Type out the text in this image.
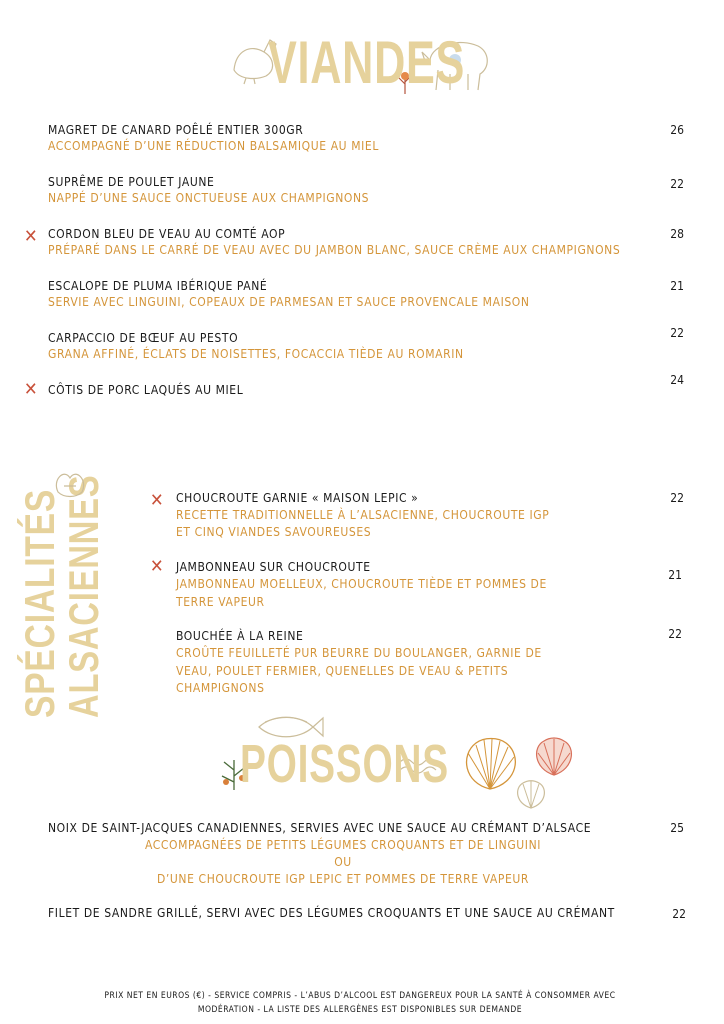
VIANDES
MAGRET DE CANARD POÊLÉ ENTIER 300GR
ACCOMPAGNÉ D’UNE RÉDUCTION BALSAMIQUE AU MIEL
26
SUPRÊME DE POULET JAUNE
NAPPÉ D’UNE SAUCE ONCTUEUSE AUX CHAMPIGNONS
22
✕ CORDON BLEU DE VEAU AU COMTÉ AOP
PRÉPARÉ DANS LE CARRÉ DE VEAU AVEC DU JAMBON BLANC, SAUCE CRÈME AUX CHAMPIGNONS
28
ESCALOPE DE PLUMA IBÉRIQUE PANÉ
SERVIE AVEC LINGUINI, COPEAUX DE PARMESAN ET SAUCE PROVENCALE MAISON
21
CARPACCIO DE BŒUF AU PESTO
GRANA AFFINÉ, ÉCLATS DE NOISETTES, FOCACCIA TIÈDE AU ROMARIN
22
✕ CÔTIS DE PORC LAQUÉS AU MIEL
24
SPÉCIALITÉS
ALSACIENNES ✕ CHOUCROUTE GARNIE « MAISON LEPIC »
RECETTE TRADITIONNELLE À L’ALSACIENNE, CHOUCROUTE IGP
ET CINQ VIANDES SAVOUREUSES
22
✕ JAMBONNEAU SUR CHOUCROUTE
JAMBONNEAU MOELLEUX, CHOUCROUTE TIÈDE ET POMMES DE
TERRE VAPEUR
21
BOUCHÉE À LA REINE
CROÛTE FEUILLETÉ PUR BEURRE DU BOULANGER, GARNIE DE
VEAU, POULET FERMIER, QUENELLES DE VEAU & PETITS
CHAMPIGNONS
22
POISSONS
NOIX DE SAINT-JACQUES CANADIENNES, SERVIES AVEC UNE SAUCE AU CRÉMANT D’ALSACE	25
ACCOMPAGNÉES DE PETITS LÉGUMES CROQUANTS ET DE LINGUINI
OU
D’UNE CHOUCROUTE IGP LEPIC ET POMMES DE TERRE VAPEUR
FILET DE SANDRE GRILLÉ, SERVI AVEC DES LÉGUMES CROQUANTS ET UNE SAUCE AU CRÉMANT	22
PRIX NET EN EUROS (€) - SERVICE COMPRIS - L’ABUS D’ALCOOL EST DANGEREUX POUR LA SANTÉ À CONSOMMER AVEC
MODÉRATION - LA LISTE DES ALLERGÈNES EST DISPONIBLES SUR DEMANDE
